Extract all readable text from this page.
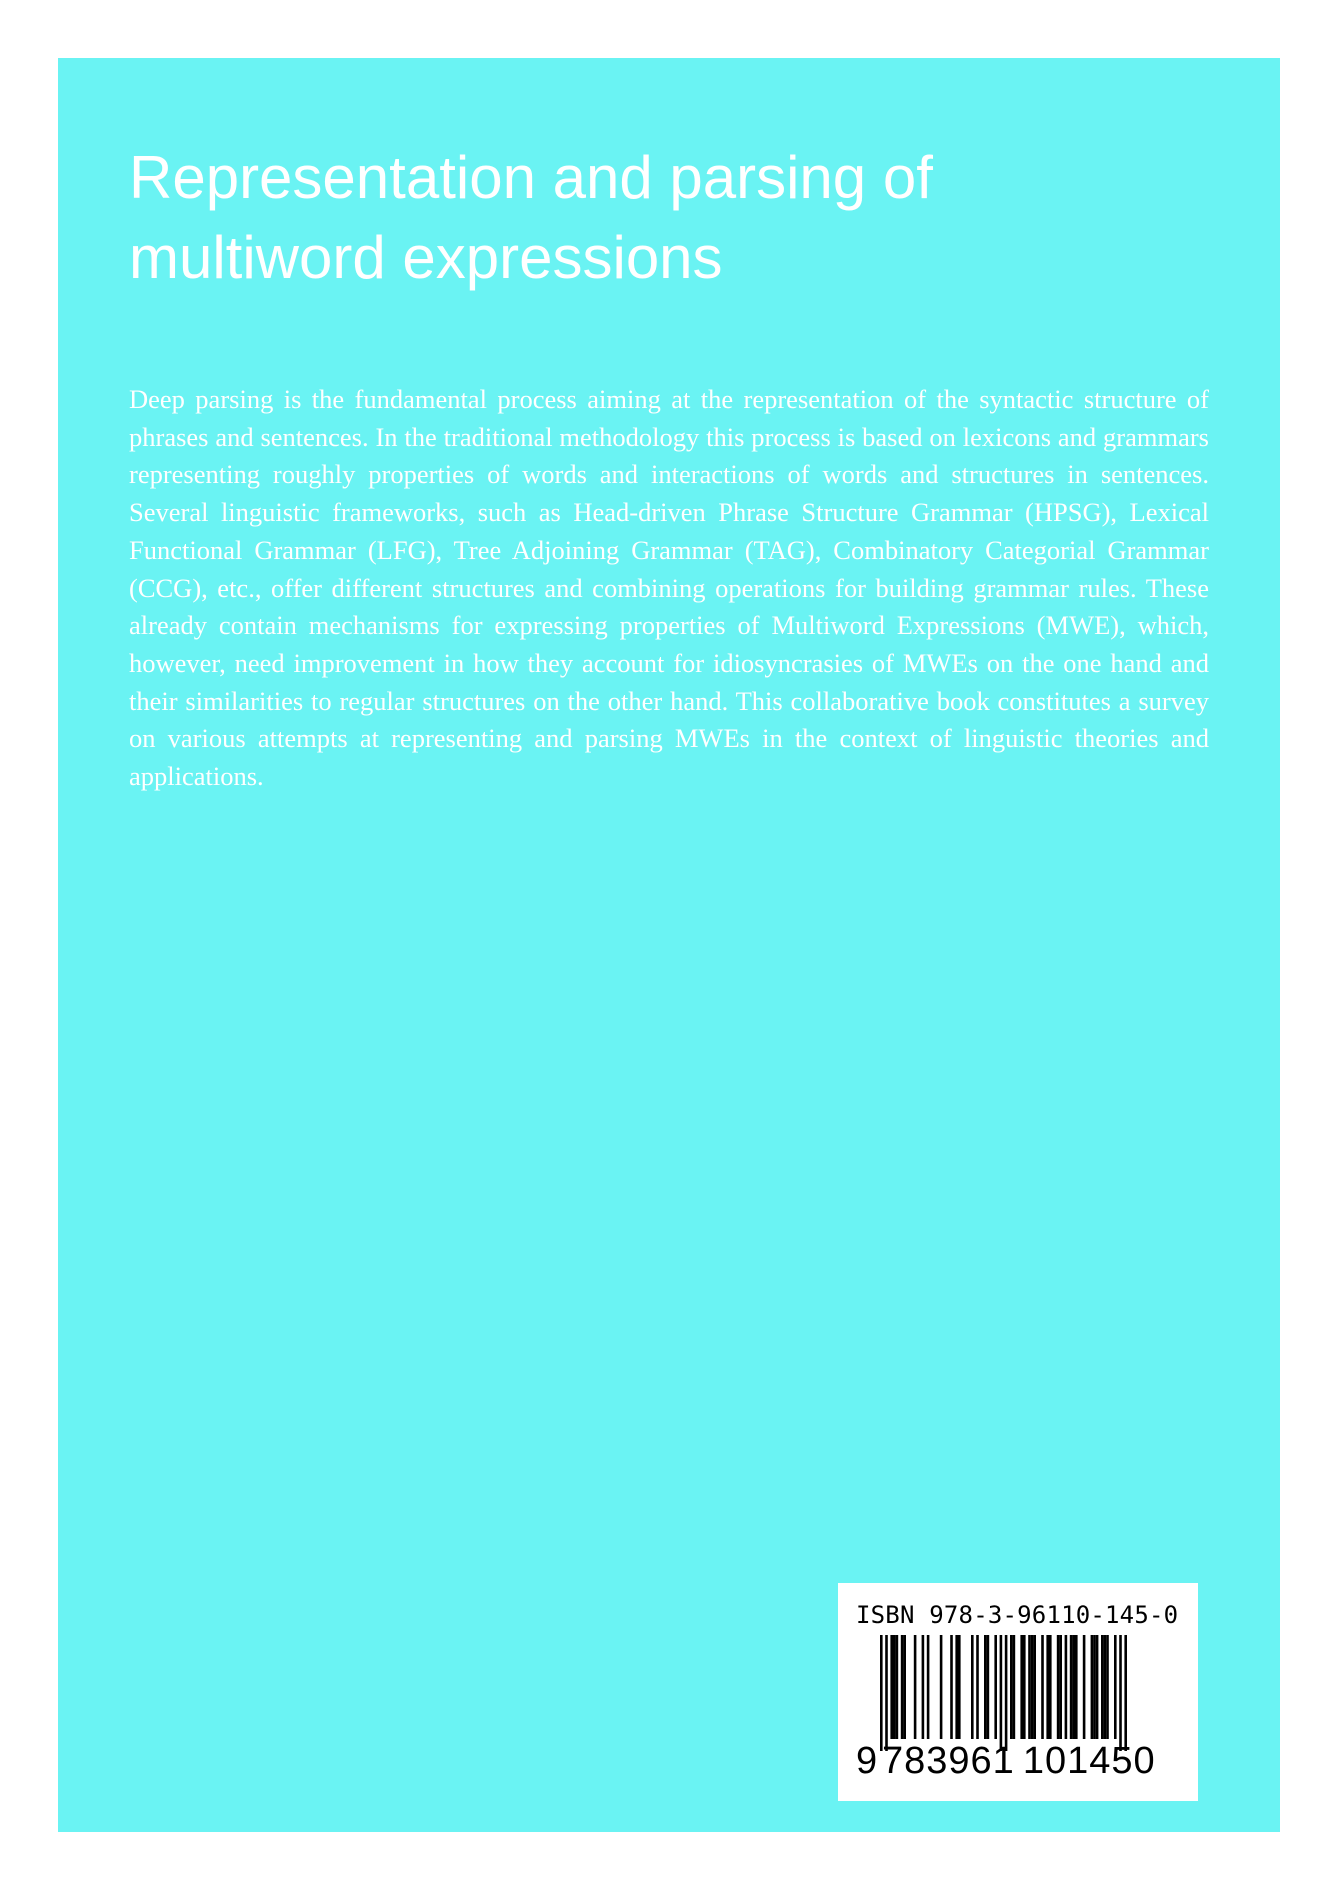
Representation and parsing of
multiword expressions

Deep parsing is the fundamental process aiming at the representation of the syntactic structure of phrases and sentences. In the traditional methodology this process is based on lexicons and grammars representing roughly properties of words and interactions of words and structures in sentences. Several linguistic frameworks, such as Head-driven Phrase Structure Grammar (HPSG), Lexical Functional Grammar (LFG), Tree Adjoining Grammar (TAG), Combinatory Categorial Grammar (CCG), etc., offer different structures and combining operations for building grammar rules. These already contain mechanisms for expressing properties of Multiword Expressions (MWE), which, however, need improvement in how they account for idiosyncrasies of MWEs on the one hand and their similarities to regular structures on the other hand. This collaborative book constitutes a survey on various attempts at representing and parsing MWEs in the context of linguistic theories and applications.

ISBN 978-3-96110-145-0
9 783961 101450
